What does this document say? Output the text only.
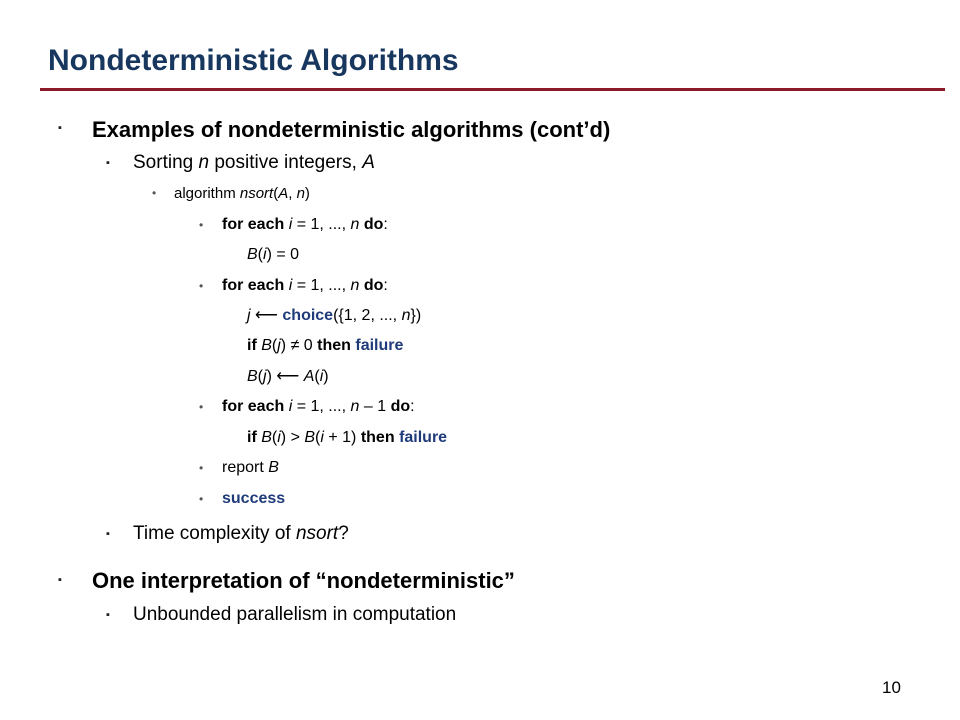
Nondeterministic Algorithms
▪ Examples of nondeterministic algorithms (cont’d)
▪ Sorting n positive integers, A
• algorithm nsort(A, n)
• for each i = 1, ..., n do:
B(i) = 0
• for each i = 1, ..., n do:
j ⟵ choice({1, 2, ..., n})
if B(j) ≠ 0 then failure
B(j) ⟵ A(i)
• for each i = 1, ..., n – 1 do:
if B(i) > B(i + 1) then failure
• report B
• success
▪ Time complexity of nsort?
▪ One interpretation of “nondeterministic”
▪ Unbounded parallelism in computation
10
